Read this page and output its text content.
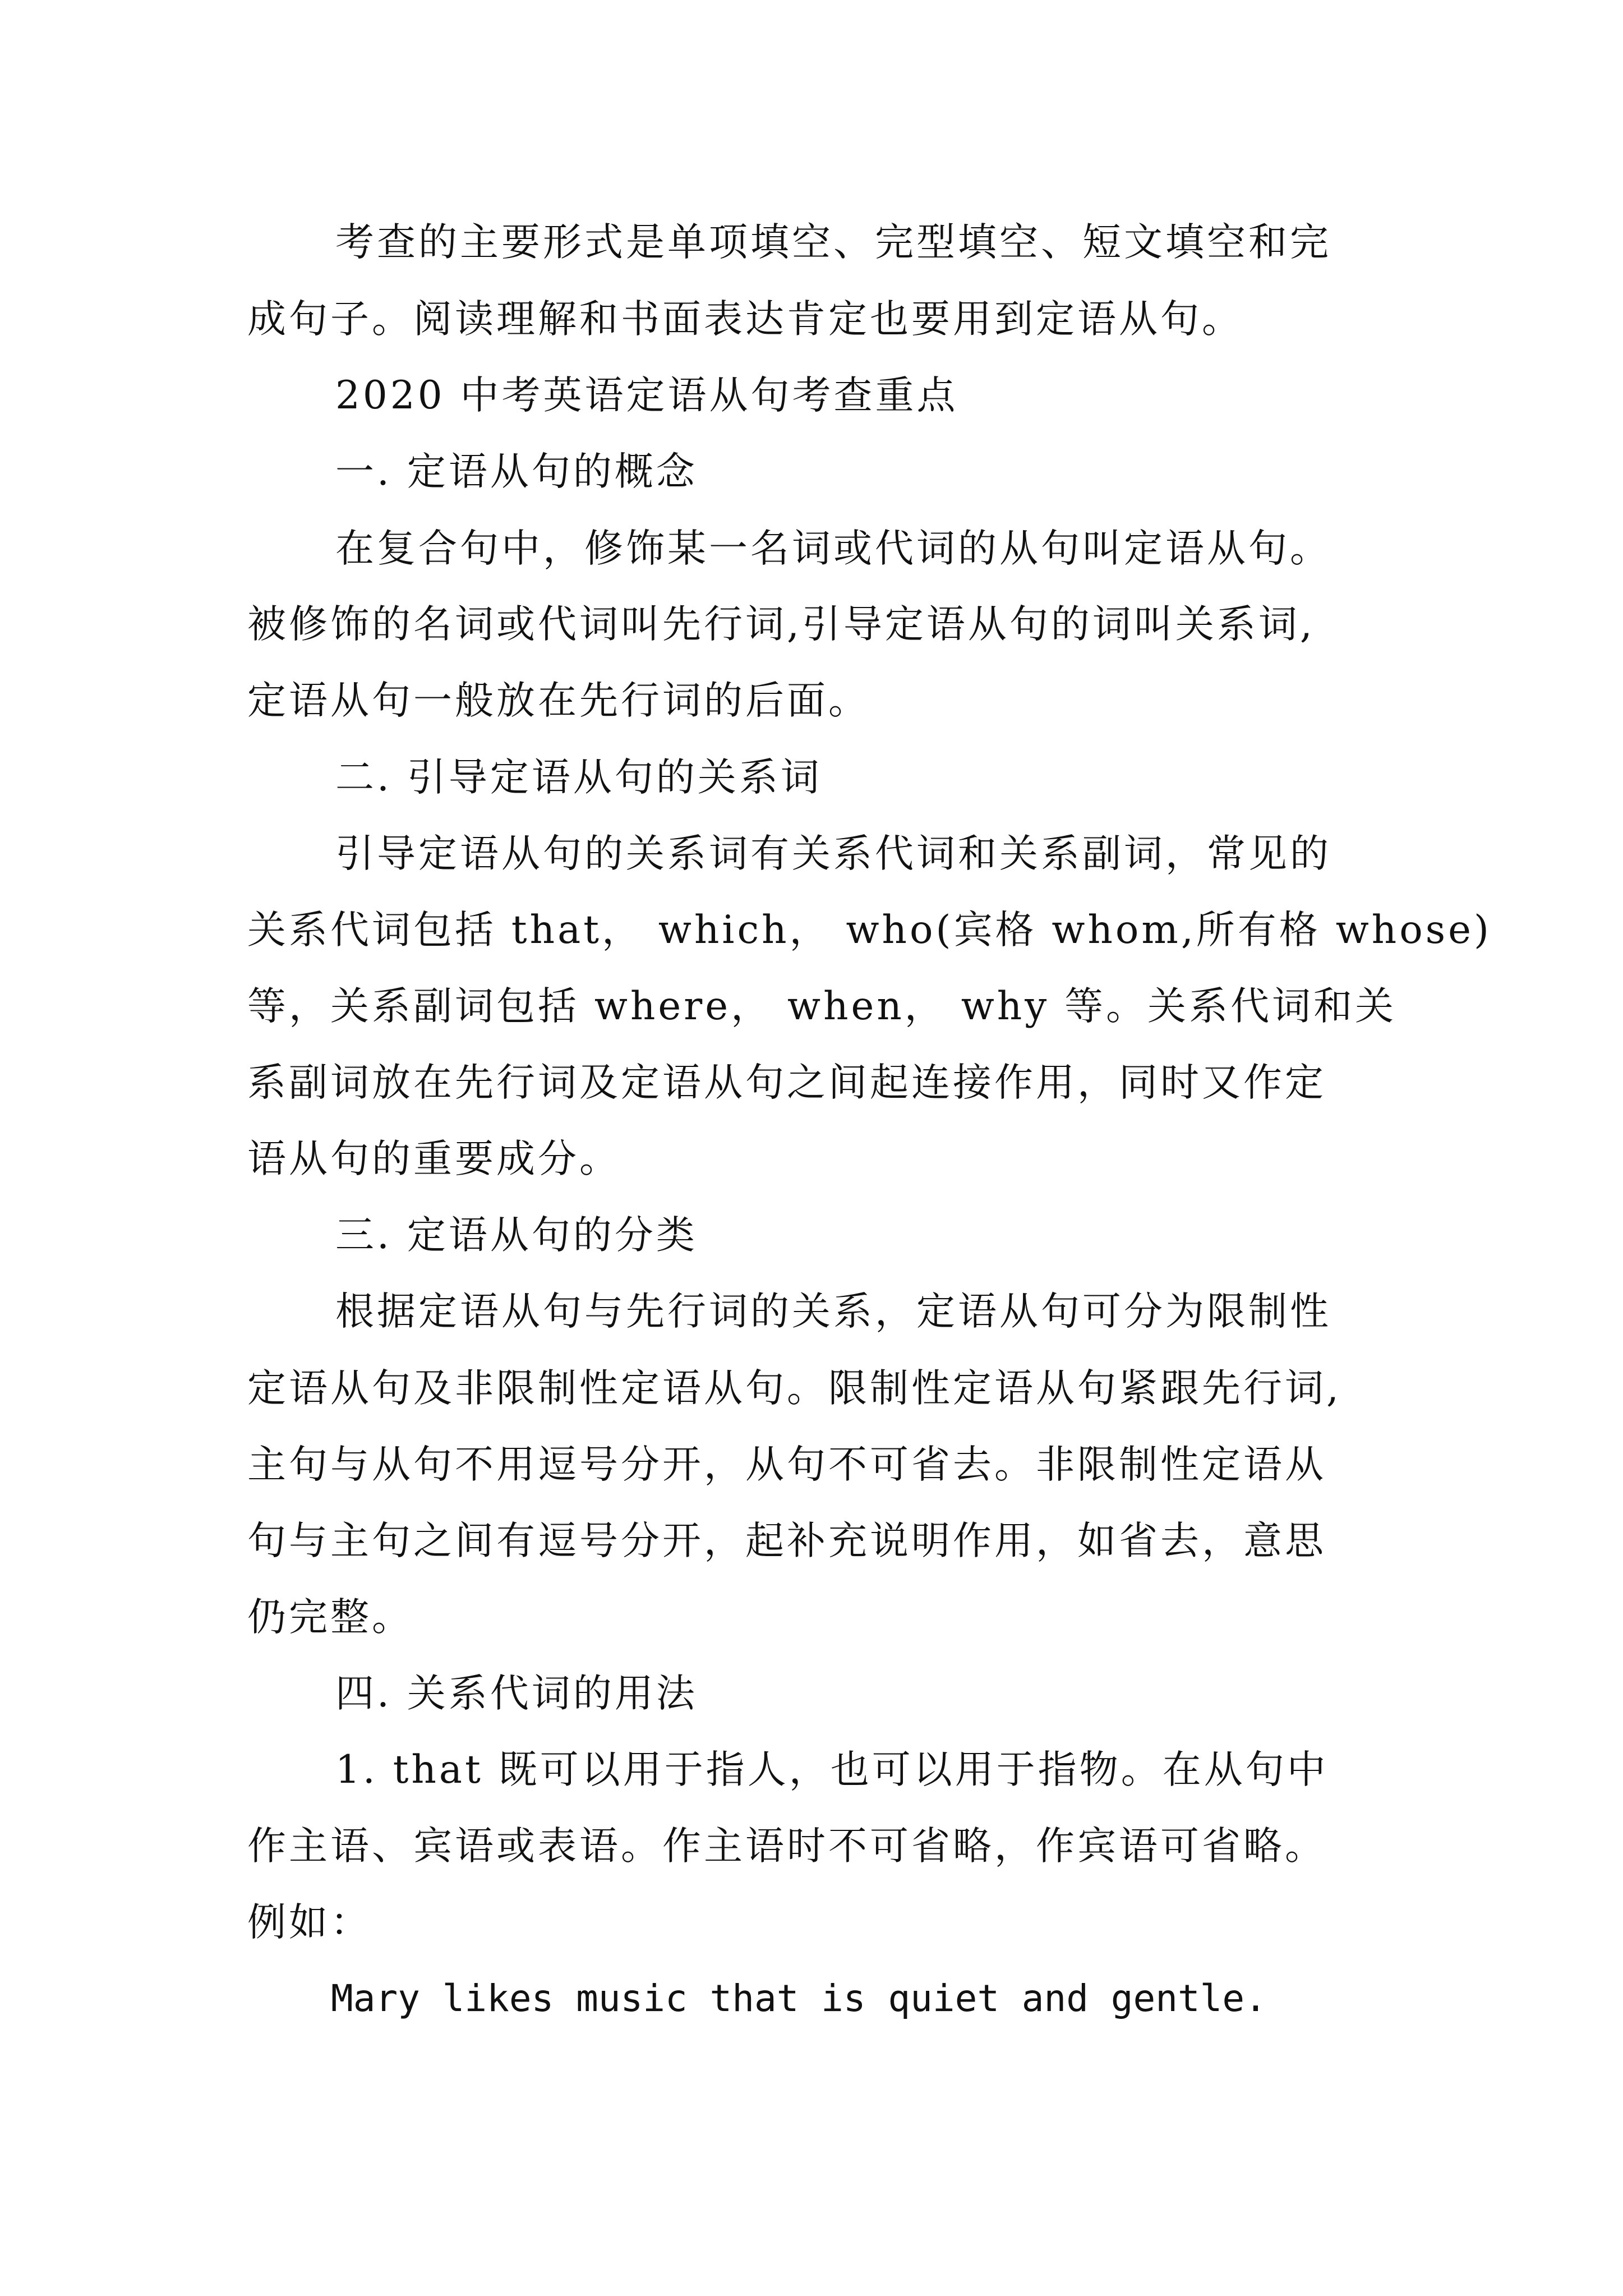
考查的主要形式是单项填空、完型填空、短文填空和完
成句子。阅读理解和书面表达肯定也要用到定语从句。
2020 中考英语定语从句考查重点
一. 定语从句的概念
在复合句中，修饰某一名词或代词的从句叫定语从句。
被修饰的名词或代词叫先行词,引导定语从句的词叫关系词,
定语从句一般放在先行词的后面。
二. 引导定语从句的关系词
引导定语从句的关系词有关系代词和关系副词，常见的
关系代词包括 that， which， who(宾格 whom,所有格 whose)
等，关系副词包括 where， when， why 等。关系代词和关
系副词放在先行词及定语从句之间起连接作用，同时又作定
语从句的重要成分。
三. 定语从句的分类
根据定语从句与先行词的关系，定语从句可分为限制性
定语从句及非限制性定语从句。限制性定语从句紧跟先行词,
主句与从句不用逗号分开，从句不可省去。非限制性定语从
句与主句之间有逗号分开，起补充说明作用，如省去，意思
仍完整。
四. 关系代词的用法
1. that 既可以用于指人，也可以用于指物。在从句中
作主语、宾语或表语。作主语时不可省略，作宾语可省略。
例如：
Mary likes music that is quiet and gentle.
